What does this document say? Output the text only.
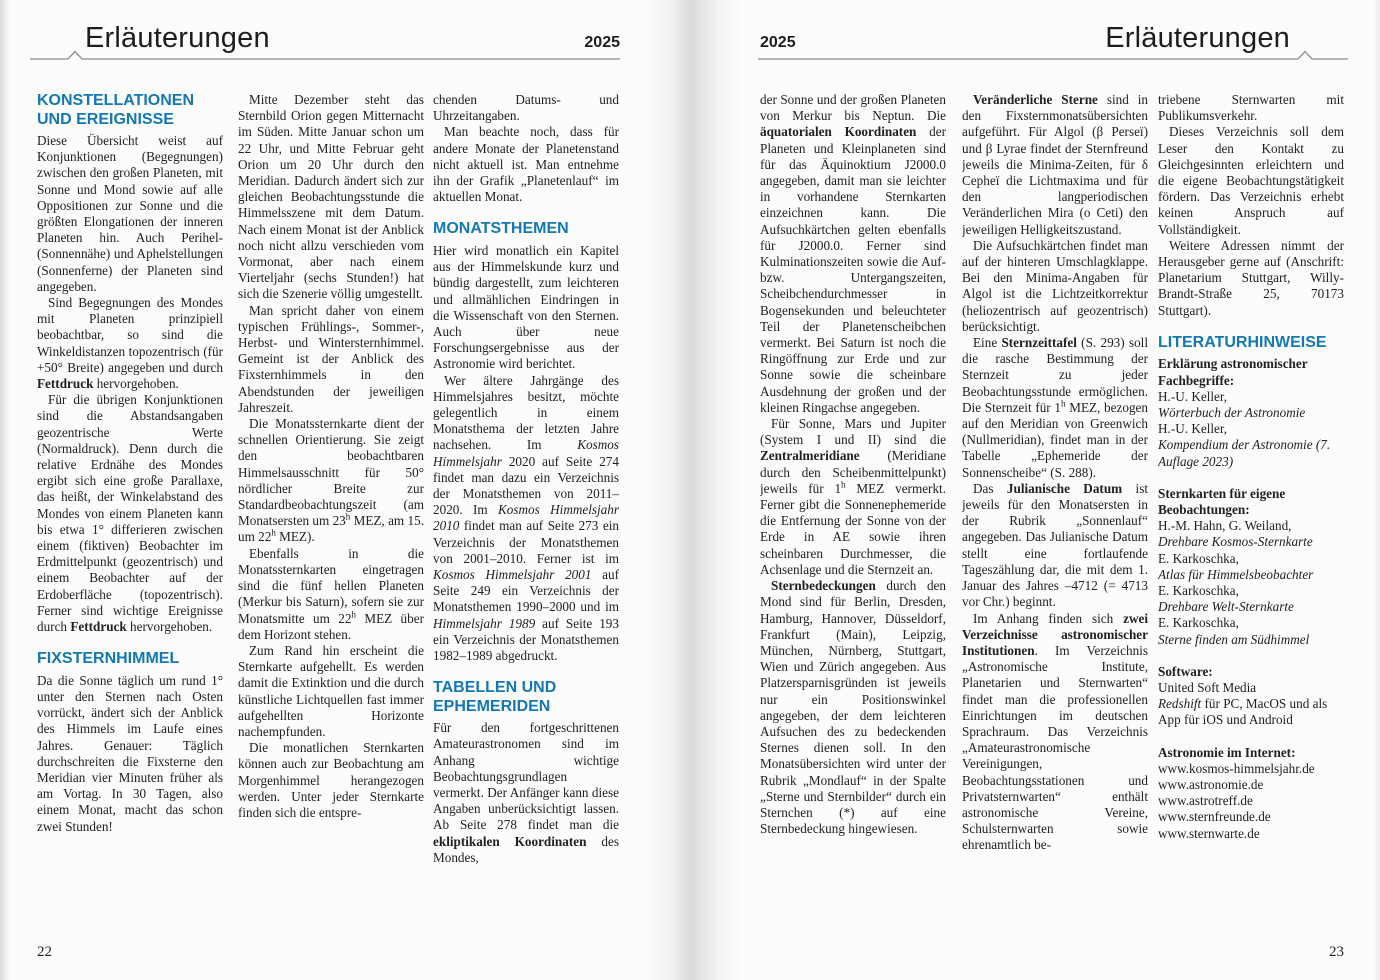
Erläuterungen	2025
KONSTELLATIONEN UND EREIGNISSE

Diese Übersicht weist auf Konjunktionen (Begegnungen) zwischen den großen Planeten, mit Sonne und Mond sowie auf alle Oppositionen zur Sonne und die größten Elongationen der inneren Planeten hin. Auch Perihel- (Sonnennähe) und Aphelstellungen (Sonnenferne) der Planeten sind angegeben.

Sind Begegnungen des Mondes mit Planeten prinzipiell beobachtbar, so sind die Winkeldistanzen topozentrisch (für +50° Breite) angegeben und durch Fettdruck hervorgehoben.

Für die übrigen Konjunktionen sind die Abstandsangaben geozentrische Werte (Normaldruck). Denn durch die relative Erdnähe des Mondes ergibt sich eine große Parallaxe, das heißt, der Winkelabstand des Mondes von einem Planeten kann bis etwa 1° differieren zwischen einem (fiktiven) Beobachter im Erdmittelpunkt (geozentrisch) und einem Beobachter auf der Erdoberfläche (topozentrisch). Ferner sind wichtige Ereignisse durch Fettdruck hervorgehoben.

FIXSTERNHIMMEL

Da die Sonne täglich um rund 1° unter den Sternen nach Osten vorrückt, ändert sich der Anblick des Himmels im Laufe eines Jahres. Genauer: Täglich durchschreiten die Fixsterne den Meridian vier Minuten früher als am Vortag. In 30 Tagen, also einem Monat, macht das schon zwei Stunden!

Mitte Dezember steht das Sternbild Orion gegen Mitternacht im Süden. Mitte Januar schon um 22 Uhr, und Mitte Februar geht Orion um 20 Uhr durch den Meridian. Dadurch ändert sich zur gleichen Beobachtungsstunde die Himmelsszene mit dem Datum. Nach einem Monat ist der Anblick noch nicht allzu verschieden vom Vormonat, aber nach einem Vierteljahr (sechs Stunden!) hat sich die Szenerie völlig umgestellt.

Man spricht daher von einem typischen Frühlings-, Sommer-, Herbst- und Wintersternhimmel. Gemeint ist der Anblick des Fixsternhimmels in den Abendstunden der jeweiligen Jahreszeit.

Die Monatssternkarte dient der schnellen Orientierung. Sie zeigt den beobachtbaren Himmelsausschnitt für 50° nördlicher Breite zur Standardbeobachtungszeit (am Monatsersten um 23$^h$ MEZ, am 15. um 22$^h$ MEZ).

Ebenfalls in die Monatssternkarten eingetragen sind die fünf hellen Planeten (Merkur bis Saturn), sofern sie zur Monatsmitte um 22$^h$ MEZ über dem Horizont stehen.

Zum Rand hin erscheint die Sternkarte aufgehellt. Es werden damit die Extinktion und die durch künstliche Lichtquellen fast immer aufgehellten Horizonte nachempfunden.

Die monatlichen Sternkarten können auch zur Beobachtung am Morgenhimmel herangezogen werden. Unter jeder Sternkarte finden sich die entspre-

chenden Datums- und Uhrzeitangaben.

Man beachte noch, dass für andere Monate der Planetenstand nicht aktuell ist. Man entnehme ihn der Grafik „Planetenlauf“ im aktuellen Monat.

MONATSTHEMEN

Hier wird monatlich ein Kapitel aus der Himmelskunde kurz und bündig dargestellt, zum leichteren und allmählichen Eindringen in die Wissenschaft von den Sternen. Auch über neue Forschungsergebnisse aus der Astronomie wird berichtet.

Wer ältere Jahrgänge des Himmelsjahres besitzt, möchte gelegentlich in einem Monatsthema der letzten Jahre nachsehen. Im Kosmos Himmelsjahr 2020 auf Seite 274 findet man dazu ein Verzeichnis der Monatsthemen von 2011–2020. Im Kosmos Himmelsjahr 2010 findet man auf Seite 273 ein Verzeichnis der Monatsthemen von 2001–2010. Ferner ist im Kosmos Himmelsjahr 2001 auf Seite 249 ein Verzeichnis der Monatsthemen 1990–2000 und im Himmelsjahr 1989 auf Seite 193 ein Verzeichnis der Monatsthemen 1982–1989 abgedruckt.

TABELLEN UND EPHEMERIDEN

Für den fortgeschrittenen Amateurastronomen sind im Anhang wichtige Beobachtungsgrundlagen vermerkt. Der Anfänger kann diese Angaben unberücksichtigt lassen. Ab Seite 278 findet man die ekliptikalen Koordinaten des Mondes,

22
Erläuterungen
2025

der Sonne und der großen Planeten von Merkur bis Neptun. Die äquatorialen Koordinaten der Planeten und Kleinplaneten sind für das Äquinoktium J2000.0 angegeben, damit man sie leichter in vorhandene Sternkarten einzeichnen kann. Die Aufsuchkärtchen gelten ebenfalls für J2000.0. Ferner sind Kulminationszeiten sowie die Auf- bzw. Untergangszeiten, Scheibchendurchmesser in Bogensekunden und beleuchteter Teil der Planetenscheibchen vermerkt. Bei Saturn ist noch die Ringöffnung zur Erde und zur Sonne sowie die scheinbare Ausdehnung der großen und der kleinen Ringachse angegeben.

Für Sonne, Mars und Jupiter (System I und II) sind die Zentralmeridiane (Meridiane durch den Scheibenmittelpunkt) jeweils für 1$^h$ MEZ vermerkt. Ferner gibt die Sonnenephemeride die Entfernung der Sonne von der Erde in AE sowie ihren scheinbaren Durchmesser, die Achsenlage und die Sternzeit an.

Sternbedeckungen durch den Mond sind für Berlin, Dresden, Hamburg, Hannover, Düsseldorf, Frankfurt (Main), Leipzig, München, Nürnberg, Stuttgart, Wien und Zürich angegeben. Aus Platzersparnisgründen ist jeweils nur ein Positionswinkel angegeben, der dem leichteren Aufsuchen des zu bedeckenden Sternes dienen soll. In den Monatsübersichten wird unter der Rubrik „Mondlauf“ in der Spalte „Sterne und Sternbilder“ durch ein Sternchen (*) auf eine Sternbedeckung hingewiesen.

Veränderliche Sterne sind in den Fixsternmonatsübersichten aufgeführt. Für Algol (β Perseï) und β Lyrae findet der Sternfreund jeweils die Minima-Zeiten, für δ Cepheï die Lichtmaxima und für den langperiodischen Veränderlichen Mira (ο Ceti) den jeweiligen Helligkeitszustand.

Die Aufsuchkärtchen findet man auf der hinteren Umschlagklappe. Bei den Minima-Angaben für Algol ist die Lichtzeitkorrektur (heliozentrisch auf geozentrisch) berücksichtigt.

Eine Sternzeittafel (S. 293) soll die rasche Bestimmung der Sternzeit zu jeder Beobachtungsstunde ermöglichen. Die Sternzeit für 1$^h$ MEZ, bezogen auf den Meridian von Greenwich (Nullmeridian), findet man in der Tabelle „Ephemeride der Sonnenscheibe“ (S. 288).

Das Julianische Datum ist jeweils für den Monatsersten in der Rubrik „Sonnenlauf“ angegeben. Das Julianische Datum stellt eine fortlaufende Tageszählung dar, die mit dem 1. Januar des Jahres –4712 (= 4713 vor Chr.) beginnt.

Im Anhang finden sich zwei Verzeichnisse astronomischer Institutionen. Im Verzeichnis „Astronomische Institute, Planetarien und Sternwarten“ findet man die professionellen Einrichtungen im deutschen Sprachraum. Das Verzeichnis „Amateurastronomische Vereinigungen, Beobachtungsstationen und Privatsternwarten“ enthält astronomische Vereine, Schulsternwarten sowie ehrenamtlich be-

triebene Sternwarten mit Publikumsverkehr.

Dieses Verzeichnis soll dem Leser den Kontakt zu Gleichgesinnten erleichtern und die eigene Beobachtungstätigkeit fördern. Das Verzeichnis erhebt keinen Anspruch auf Vollständigkeit.

Weitere Adressen nimmt der Herausgeber gerne auf (Anschrift: Planetarium Stuttgart, Willy-Brandt-Straße 25, 70173 Stuttgart).

LITERATURHINWEISE

Erklärung astronomischer Fachbegriffe:

H.-U. Keller,

Wörterbuch der Astronomie

H.-U. Keller,

Kompendium der Astronomie (7. Auflage 2023)

Sternkarten für eigene Beobachtungen:

H.-M. Hahn, G. Weiland,

Drehbare Kosmos-Sternkarte

E. Karkoschka,

Atlas für Himmelsbeobachter

E. Karkoschka,

Drehbare Welt-Sternkarte

E. Karkoschka,

Sterne finden am Südhimmel

Software:

United Soft Media

Redshift für PC, MacOS und als App für iOS und Android

Astronomie im Internet:

www.kosmos-himmelsjahr.de

www.astronomie.de

www.astrotreff.de

www.sternfreunde.de

www.sternwarte.de

23
